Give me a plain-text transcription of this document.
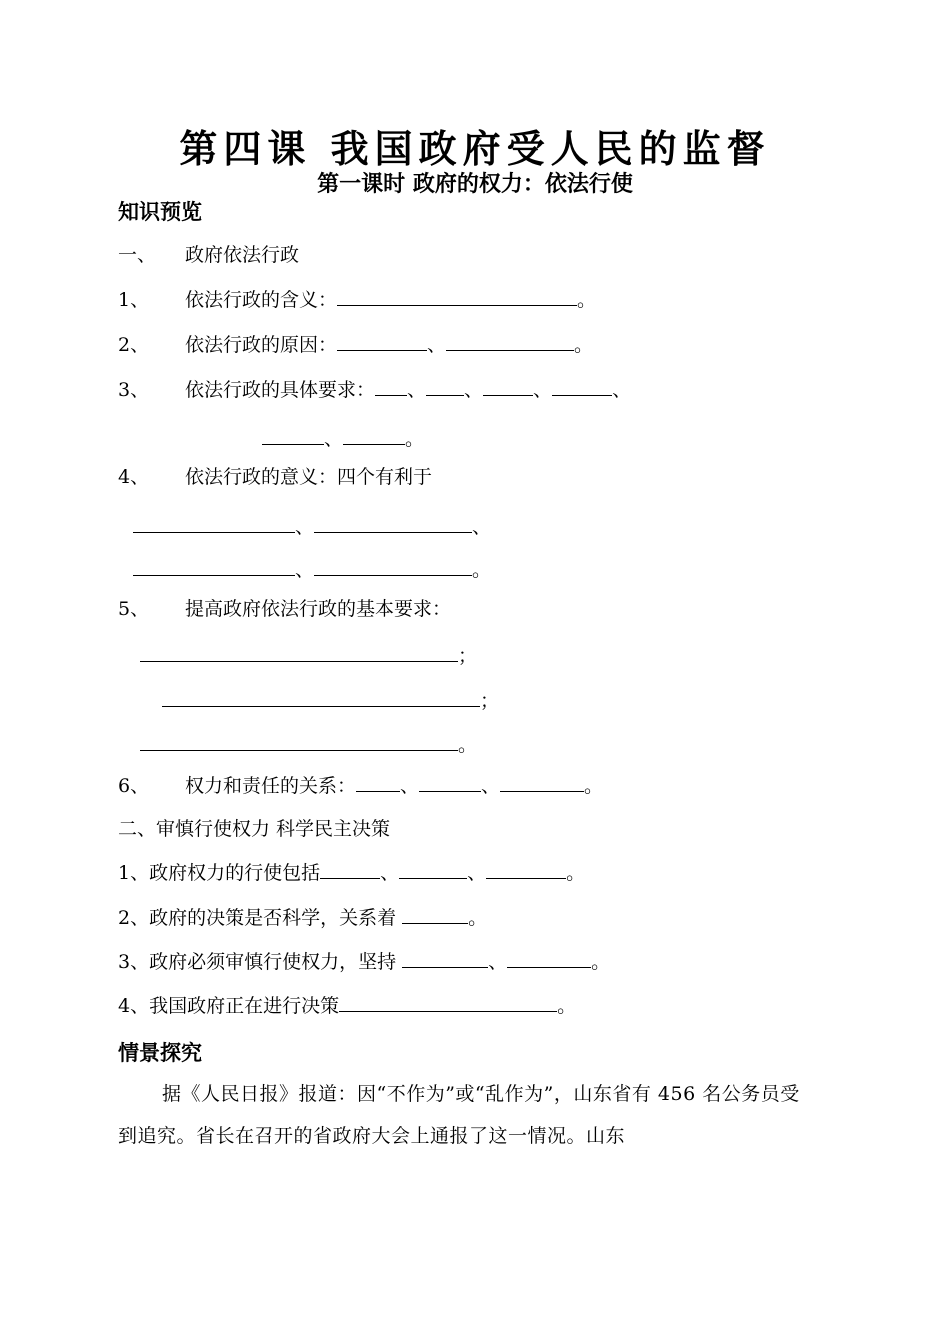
第四课 我国政府受人民的监督
第一课时 政府的权力：依法行使
知识预览
一、 政府依法行政
1、 依法行政的含义：	。
2、 依法行政的原因：	、	。
3、 依法行政的具体要求： 、 、	、	、
、	。
4、 依法行政的意义：四个有利于
、	、
、	。
5、 提高政府依法行政的基本要求：
；
；
。
6、 权力和责任的关系： 、	、	。
二、审慎行使权力 科学民主决策
1、政府权力的行使包括	、	、	。
2、政府的决策是否科学，关系着	。
3、政府必须审慎行使权力，坚持	、	。
4、我国政府正在进行决策	。
情景探究
据《人民日报》报道：因“不作为”或“乱作为”，山东省有 456 名公务员受到追究。省长在召开的省政府大会上通报了这一情况。山东
